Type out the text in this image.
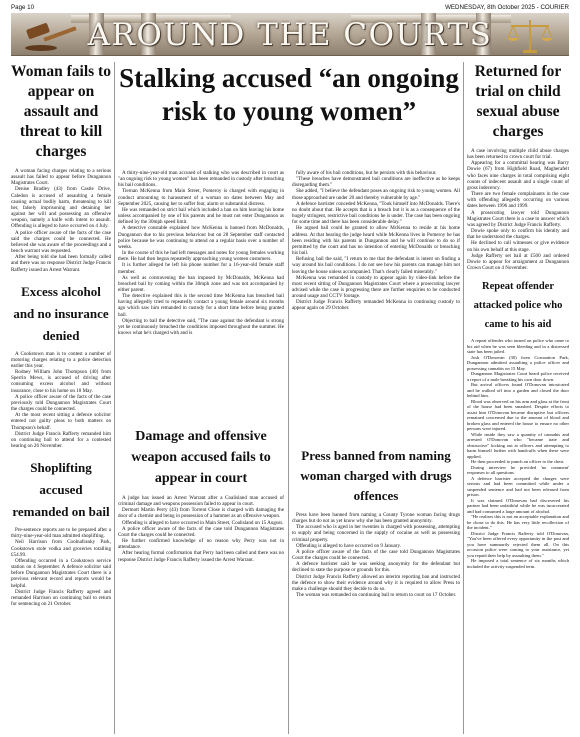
Page 10	WEDNESDAY, 8th October 2025 - COURIER
AROUND THE COURTS
Woman fails to appear on assault and threat to kill charges
A woman facing charges relating to a serious assault has failed to appear before Dungannon Magistrates Court.
Denise Bradley (43) from Castle Drive, Caledon is accused of assaulting a female causing actual bodily harm, threatening to kill her, falsely imprisoning and detaining her against her will and possessing an offensive weapon, namely a knife with intent to assault. Offending is alleged to have occurred on 4 July.
A police officer aware of the facts of the case said the charges could be connected. He believed she was aware of the proceedings and a bench warrant was requested.
After being told she had been formally called and there was no response District Judge Francis Rafferty issued an Arrest Warrant.
Excess alcohol and no insurance denied
A Cookstown man is to contest a number of motoring charges relating to a police detection earlier this year.
Rodney William John Thompson (40) from Sperrin Mews, is accused of driving after consuming excess alcohol and without insurance, close to his home on 18 May.
A police officer aware of the facts of the case previously told Dungannon Magistrates Court the charges could be connected.
At the most recent sitting a defence solicitor entered not guilty pleas to both matters on Thompson's behalf.
District Judge Francis Rafferty remanded him on continuing bail to attend for a contested hearing on 26 November.
Shoplifting accused remanded on bail
Pre-sentence reports are to be prepared after a thirty-nine-year-old man admitted shoplifting.
Neil Harrison from Coolnafranky Park, Cookstown stole vodka and groceries totalling £54.99.
Offending occurred in a Cookstown service station on 4 September. A defence solicitor said before Dungannon Magistrates Court there is a previous relevant record and reports would be helpful.
District Judge Francis Rafferty agreed and remanded Harrison on continuing bail to return for sentencing on 21 October.
Stalking accused “an ongoing risk to young women”
A thirty-nine-year-old man accused of stalking who was described in court as "an ongoing risk to young women" has been remanded in custody after breaching his bail conditions.
Tiernan McKenna from Main Street, Pomeroy is charged with engaging in conduct amounting to harassment of a woman on dates between May and September 2025, causing her to suffer fear, alarm or substantial distress.
He was remanded on strict bail which included a ban on him leaving his home unless accompanied by one of his parents and he must not enter Dungannon as defined by the 30mph speed limit.
A detective constable explained how McKenna is banned from McDonalds, Dungannon due to his previous behaviour but on 28 September staff contacted police because he was continuing to attend on a regular basis over a number of weeks.
In the course of this he had left messages and notes for young females working there. He had then begun repeatedly approaching young women customers.
It is further alleged he left his phone number for a 16-year-old female staff member.
As well as contravening the ban imposed by McDonalds, McKenna had breached bail by coming within the 30mph zone and was not accompanied by either parent.
The detective explained this is the second time McKenna has breached bail having allegedly tried to repeatedly contact a young female around six months ago which saw him remanded in custody for a short time before being granted bail.
Objecting to bail the detective said, "The case against the defendant is strong yet he continuously breached the conditions imposed throughout the summer. He knows what he's charged with and is
fully aware of his bail conditions, but he persists with this behaviour.
"These breaches have demonstrated bail conditions are ineffective as he keeps disregarding them."
She added, "I believe the defendant poses an ongoing risk to young women. All those approached are under 20 and thereby vulnerable by age."
A defence barrister conceded McKenna, "Took himself into McDonalds. There's no doubt about that. He accepts that is a breach but it is as a consequence of the hugely stringent, restrictive bail conditions he is under. The case has been ongoing for some time and there has been considerable delay."
He argued bail could be granted to allow McKenna to reside at his home address. At that hearing the judge heard while McKenna lives in Pomeroy he has been residing with his parents in Dungannon and he will continue to do so if permitted by the court and has no intention of entering McDonalds or breaching his bail.
Refusing bail the said, "I return to me that the defendant is intent on finding a way around his bail conditions. I do not see how his parents can manage him not leaving the house unless accompanied. That's clearly failed miserably."
McKenna was remanded in custody to appear again by video-link before the most recent sitting of Dungannon Magistrates Court where a prosecuting lawyer advised while the case is progressing there are further enquiries to be conducted around usage and CCTV footage.
District Judge Francis Rafferty remanded McKenna in continuing custody to appear again on 29 October.
Damage and offensive weapon accused fails to appear in court
A judge has issued an Arrest Warrant after a Coalisland man accused of criminal damage and weapons possession failed to appear in court.
Dermott Martin Perry (43) from Torrent Close is charged with damaging the door of a chemist and being in possession of a hammer as an offensive weapon.
Offending is alleged to have occurred in Main Street, Coalisland on 15 August.
A police officer aware of the facts of the case told Dungannon Magistrates Court the charges could be connected.
He further confirmed knowledge of no reason why Perry was not in attendance.
After hearing formal confirmation that Perry had been called and there was no response District Judge Francis Rafferty issued the Arrest Warrant.
Press banned from naming woman charged with drugs offences
Press have been banned from naming a County Tyrone woman facing drugs charges but do not as yet know why she has been granted anonymity.
The accused who is aged in her twenties is charged with possessing, attempting to supply and being concerned in the supply of cocaine as well as possessing criminal property.
Offending is alleged to have occurred on 9 January.
A police officer aware of the facts of the case told Dungannon Magistrates Court the charges could be connected.
A defence barrister said he was seeking anonymity for the defendant but declined to state the purpose or grounds for this.
District Judge Francis Rafferty allowed an interim reporting ban and instructed the defence to show their evidence around why it is required to allow Press to make a challenge should they decide to do so.
The woman was remanded on continuing bail to return to court on 17 October.
Returned for trial on child sexual abuse charges
A case involving multiple child abuse charges has been returned to crown court for trial.
Appearing for a committal hearing was Barry Dowie (67) from Highfield Road, Magherafelt who faces nine charges in total comprising eight counts of indecent assault and a single count of gross indecency.
There are two female complainants in the case with offending allegedly occurring on various dates between 1996 and 1999.
A prosecuting lawyer told Dungannon Magistrates Court there is a case to answer which was agreed by District Judge Francis Rafferty.
Dowie spoke only to confirm his identity and that he understood the charges.
He declined to call witnesses or give evidence on his own behalf at this stage.
Judge Rafferty set bail at £500 and ordered Dowie to appear for arraignment at Dungannon Crown Court on 4 November.
Repeat offender attacked police who came to his aid
A repeat offender who turned on police who came to his aid when he was seen bleeding and in a distressed state has been jailed.
Josh O'Donovan (30) from Coronation Park, Dungannon admitted assaulting a police officer and possessing cannabis on 15 May.
Dungannon Magistrates Court heard police received a report of a male breaking his own door down.
But arrival officers found O'Donovan intoxicated and he walked off into a garden and closed the door behind him.
Blood was observed on his arm and glass at the front of the house had been smashed. Despite efforts to assist him O'Donovan became disruptive but officers remained concerned due to the amount of blood and broken glass and entered the house to ensure no other persons were injured.
While inside they saw a quantity of cannabis and arrested O'Donovan who "became irate and obstructive" kicking out at officers and attempting to harm himself further with handcuffs when these were applied.
He then proceeded to punch an officer to the chest.
During interview he provided 'no comment' responses to all questions.
A defence barrister accepted the charges were serious and had been committed while under a suspended sentence and had not been released from prison.
It was claimed O'Donovan had discovered his partner had been unfaithful while he was incarcerated and had consumed a large amount of alcohol.
"He realises this is not an acceptable explanation and he chose to do this. He has very little recollection of the incident."
District Judge Francis Rafferty told O'Donovan, "You've been offered every opportunity in the past and you have summarily rejected them all. On this occasion police were coming to your assistance, yet you repaid their help by assaulting them."
He imposed a total sentence of six months which included the activity suspended term.
